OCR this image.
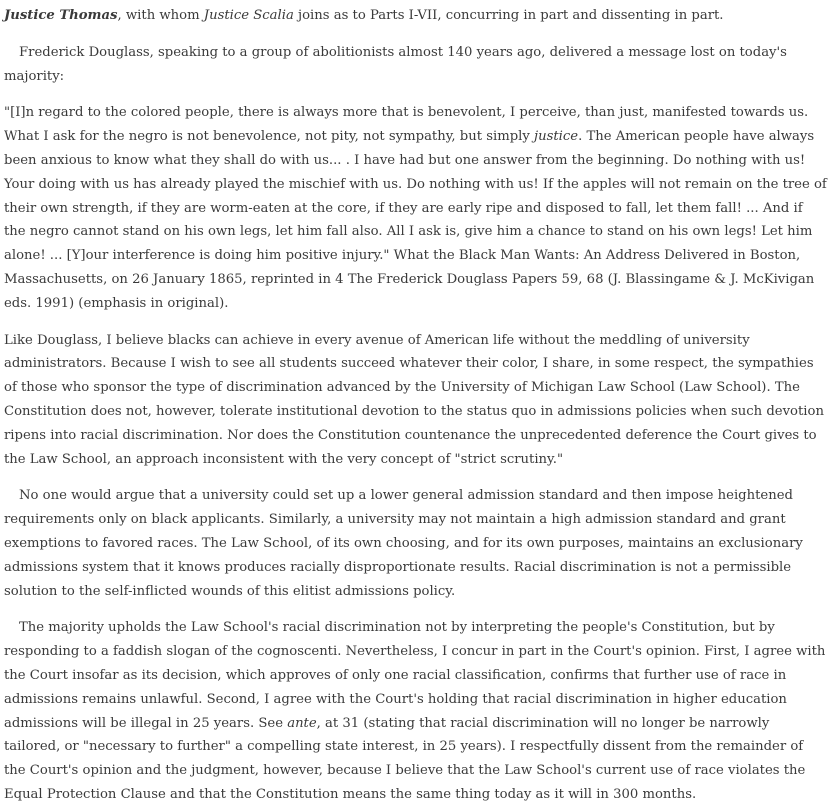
Justice Thomas, with whom Justice Scalia joins as to Parts I-VII, concurring in part and dissenting in part.

Frederick Douglass, speaking to a group of abolitionists almost 140 years ago, delivered a message lost on today's majority:

"[I]n regard to the colored people, there is always more that is benevolent, I perceive, than just, manifested towards us. What I ask for the negro is not benevolence, not pity, not sympathy, but simply justice. The American people have always been anxious to know what they shall do with us... . I have had but one answer from the beginning. Do nothing with us! Your doing with us has already played the mischief with us. Do nothing with us! If the apples will not remain on the tree of their own strength, if they are worm-eaten at the core, if they are early ripe and disposed to fall, let them fall! ... And if the negro cannot stand on his own legs, let him fall also. All I ask is, give him a chance to stand on his own legs! Let him alone! ... [Y]our interference is doing him positive injury." What the Black Man Wants: An Address Delivered in Boston, Massachusetts, on 26 January 1865, reprinted in 4 The Frederick Douglass Papers 59, 68 (J. Blassingame & J. McKivigan eds. 1991) (emphasis in original).

Like Douglass, I believe blacks can achieve in every avenue of American life without the meddling of university administrators. Because I wish to see all students succeed whatever their color, I share, in some respect, the sympathies of those who sponsor the type of discrimination advanced by the University of Michigan Law School (Law School). The Constitution does not, however, tolerate institutional devotion to the status quo in admissions policies when such devotion ripens into racial discrimination. Nor does the Constitution countenance the unprecedented deference the Court gives to the Law School, an approach inconsistent with the very concept of "strict scrutiny."

No one would argue that a university could set up a lower general admission standard and then impose heightened requirements only on black applicants. Similarly, a university may not maintain a high admission standard and grant exemptions to favored races. The Law School, of its own choosing, and for its own purposes, maintains an exclusionary admissions system that it knows produces racially disproportionate results. Racial discrimination is not a permissible solution to the self-inflicted wounds of this elitist admissions policy.

The majority upholds the Law School's racial discrimination not by interpreting the people's Constitution, but by responding to a faddish slogan of the cognoscenti. Nevertheless, I concur in part in the Court's opinion. First, I agree with the Court insofar as its decision, which approves of only one racial classification, confirms that further use of race in admissions remains unlawful. Second, I agree with the Court's holding that racial discrimination in higher education admissions will be illegal in 25 years. See ante, at 31 (stating that racial discrimination will no longer be narrowly tailored, or "necessary to further" a compelling state interest, in 25 years). I respectfully dissent from the remainder of the Court's opinion and the judgment, however, because I believe that the Law School's current use of race violates the Equal Protection Clause and that the Constitution means the same thing today as it will in 300 months.
